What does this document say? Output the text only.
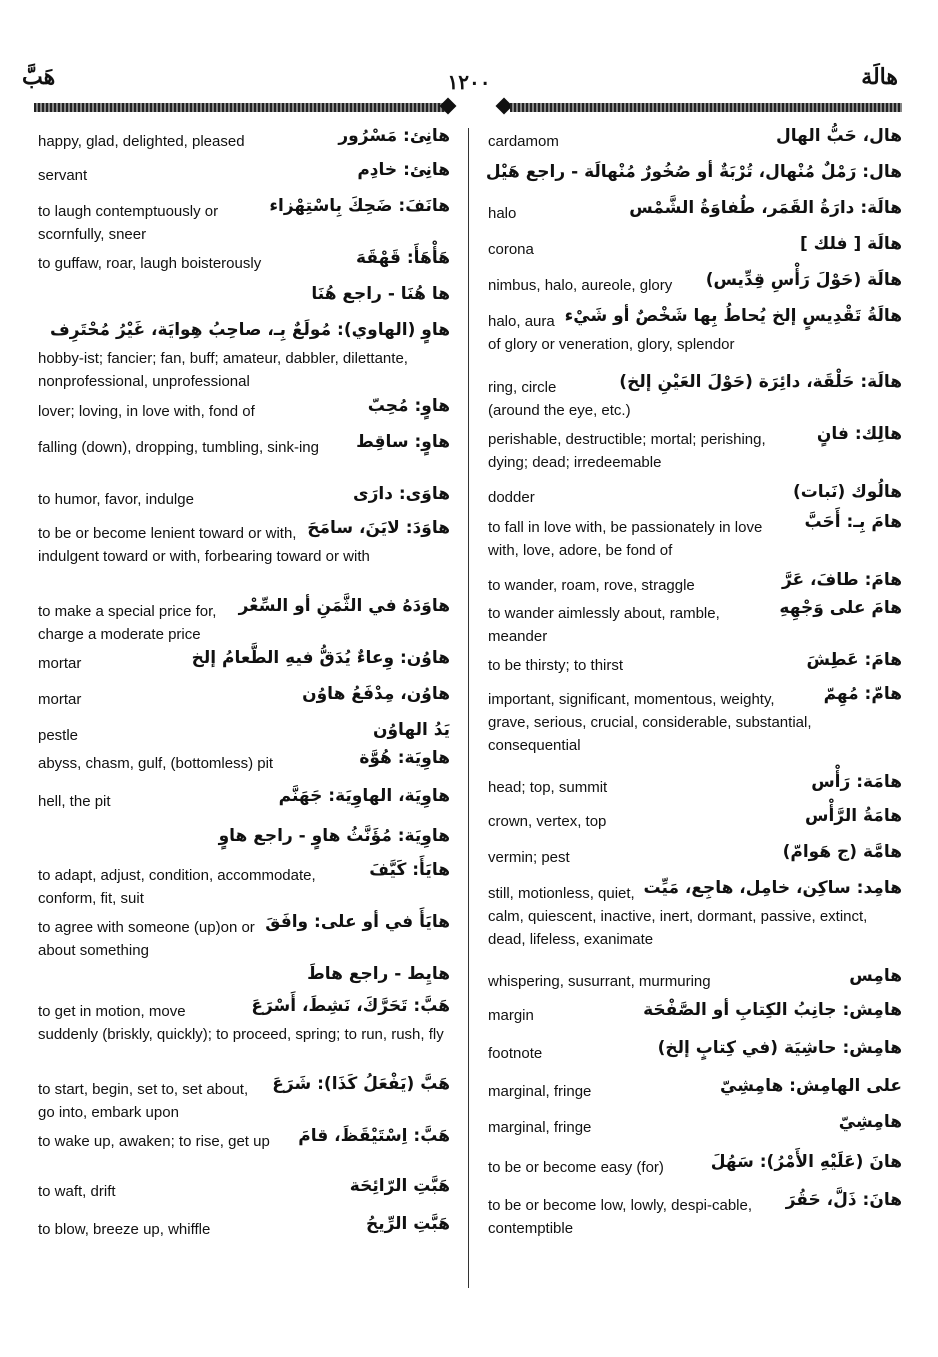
هالَة
١٢٠٠
هَبَّ
هانِئ: مَسْرُور
happy, glad, delighted, pleased
هانِئ: خادِم
servant
هانَفَ: ضَحِكَ بِاسْتِهْزاء
to laugh contemptuously or scornfully, sneer
هَأْهَأَ: قَهْقَهَ
to guffaw, roar, laugh boisterously
ها هُنَا - راجع هُنَا
هاوٍ (الهاوي): مُولَعٌ بِـ، صاحِبُ هِوايَة، غَيْرُ مُحْتَرِف
hobby-ist; fancier; fan, buff; amateur, dabbler, dilettante, nonprofessional, unprofessional
هاوٍ: مُحِبّ
lover; loving, in love with, fond of
هاوٍ: ساقِط
falling (down), dropping, tumbling, sink-ing
هاوَى: دارَى
to humor, favor, indulge
هاوَدَ: لايَنَ، سامَحَ
to be or become lenient toward or with, indulgent toward or with, forbearing toward or with
هاوَدَهُ في الثَّمَنِ أو السِّعْر
to make a special price for, charge a moderate price
هاوُن: وِعاءٌ يُدَقُّ فيهِ الطَّعامُ إلخ
mortar
هاوُن، مِدْفَعُ هاوُن
mortar
يَدُ الهاوُن
pestle
هاوِيَة: هُوَّة
abyss, chasm, gulf, (bottomless) pit
هاوِيَة، الهاوِيَة: جَهَنَّم
hell, the pit
هاوِيَة: مُؤَنَّثُ هاوٍ - راجع هاوٍ
هايَأَ: كَيَّفَ
to adapt, adjust, condition, accommodate, conform, fit, suit
هايَأَ في أو على: وافَقَ
to agree with someone (up)on or about something
هايِط - راجع هاطَ
هَبَّ: تَحَرَّكَ، نَشِطَ، أَسْرَعَ
to get in motion, move suddenly (briskly, quickly); to proceed, spring; to run, rush, fly
هَبَّ (يَفْعَلُ كَذَا): شَرَعَ
to start, begin, set to, set about, go into, embark upon
هَبَّ: اِسْتَيْقَظَ، قامَ
to wake up, awaken; to rise, get up
هَبَّتِ الرّائِحَة
to waft, drift
هَبَّتِ الرِّيحُ
to blow, breeze up, whiffle
هال، حَبُّ الهال
cardamom
هال: رَمْلٌ مُنْهال، تُرْبَةٌ أو صُخُورٌ مُنْهالَة - راجع هَيْل
هالَة: دارَةُ القَمَر، طُفاوَةُ الشَّمْس
halo
هالَة [ فلك ]
corona
هالَة (حَوْلَ رَأْسِ قِدِّيس)
nimbus, halo, aureole, glory
هالَةُ تَقْدِيسٍ إلخ يُحاطُ بِها شَخْصٌ أو شَيْء
halo, aura of glory or veneration, glory, splendor
هالَة: حَلْقَة، دائِرَة (حَوْلَ العَيْنِ إلخ)
ring, circle (around the eye, etc.)
هالِك: فانٍ
perishable, destructible; mortal; perishing, dying; dead; irredeemable
هالُوك (نَبات)
dodder
هامَ بِـ: أَحَبَّ
to fall in love with, be passionately in love with, love, adore, be fond of
هامَ: طافَ، عَرَّ
to wander, roam, rove, straggle
هامَ على وَجْهِهِ
to wander aimlessly about, ramble, meander
هامَ: عَطِشَ
to be thirsty; to thirst
هامّ: مُهِمّ
important, significant, momentous, weighty, grave, serious, crucial, considerable, substantial, consequential
هامَة: رَأْس
head; top, summit
هامَةُ الرَّأْس
crown, vertex, top
هامَّة (ج هَوامّ)
vermin; pest
هامِد: ساكِن، خامِل، هاجِع، مَيِّت
still, motionless, quiet, calm, quiescent, inactive, inert, dormant, passive, extinct, dead, lifeless, exanimate
هامِس
whispering, susurrant, murmuring
هامِش: جانِبُ الكِتابِ أو الصَّفْحَة
margin
هامِش: حاشِيَة (في كِتابٍ إلخ)
footnote
على الهامِش: هامِشِيّ
marginal, fringe
هامِشِيّ
marginal, fringe
هانَ (عَلَيْهِ الأَمْرُ): سَهُلَ
to be or become easy (for)
هانَ: ذَلَّ، حَقُرَ
to be or become low, lowly, despi-cable, contemptible
